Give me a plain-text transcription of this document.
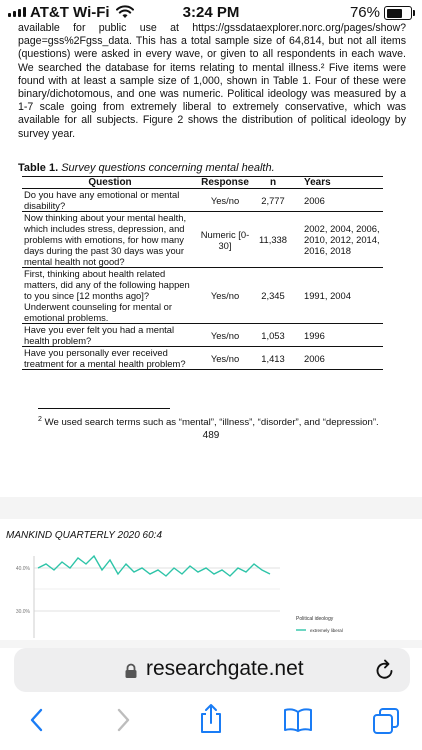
AT&T Wi-Fi	3:24 PM	76%

available for public use at https://gssdataexplorer.norc.org/pages/show?page=gss%2Fgss_data. This has a total sample size of 64,814, but not all items (questions) were asked in every wave, or given to all respondents in each wave. We searched the database for items relating to mental illness.² Five items were found with at least a sample size of 1,000, shown in Table 1. Four of these were binary/dichotomous, and one was numeric. Political ideology was measured by a 1-7 scale going from extremely liberal to extremely conservative, which was available for all subjects. Figure 2 shows the distribution of political ideology by survey year.

Table 1. Survey questions concerning mental health.
Question	Response	n	Years
Do you have any emotional or mental disability?	Yes/no	2,777	2006
Now thinking about your mental health, which includes stress, depression, and problems with emotions, for how many days during the past 30 days was your mental health not good?	Numeric [0-30]	11,338	2002, 2004, 2006, 2010, 2012, 2014, 2016, 2018
First, thinking about health related matters, did any of the following happen to you since [12 months ago]? Underwent counseling for mental or emotional problems.	Yes/no	2,345	1991, 2004
Have you ever felt you had a mental health problem?	Yes/no	1,053	1996
Have you personally ever received treatment for a mental health problem?	Yes/no	1,413	2006
$^2$ We used search terms such as “mental”, “illness”, “disorder”, and “depression”.
489
MANKIND QUARTERLY 2020 60:4
40.0%
30.0%
Political ideology
extremely liberal
researchgate.net
